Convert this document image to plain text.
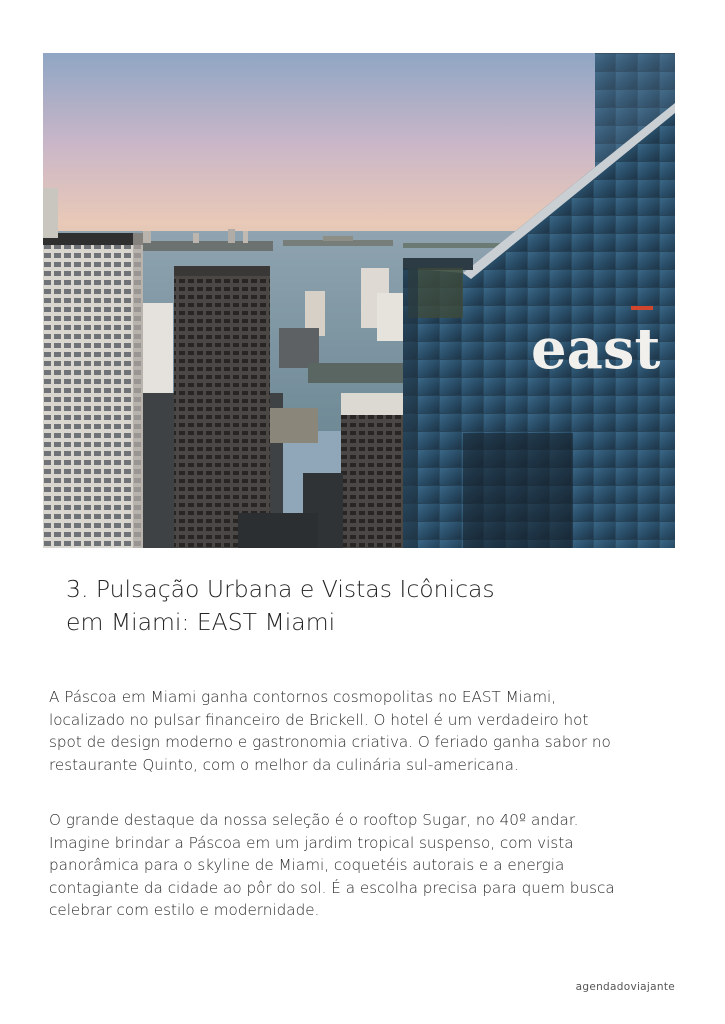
east
3. Pulsação Urbana e Vistas Icônicas
em Miami: EAST Miami

A Páscoa em Miami ganha contornos cosmopolitas no EAST Miami,
localizado no pulsar financeiro de Brickell. O hotel é um verdadeiro hot
spot de design moderno e gastronomia criativa. O feriado ganha sabor no
restaurante Quinto, com o melhor da culinária sul-americana.

O grande destaque da nossa seleção é o rooftop Sugar, no 40º andar.
Imagine brindar a Páscoa em um jardim tropical suspenso, com vista
panorâmica para o skyline de Miami, coquetéis autorais e a energia
contagiante da cidade ao pôr do sol. É a escolha precisa para quem busca
celebrar com estilo e modernidade.

agendadoviajante
